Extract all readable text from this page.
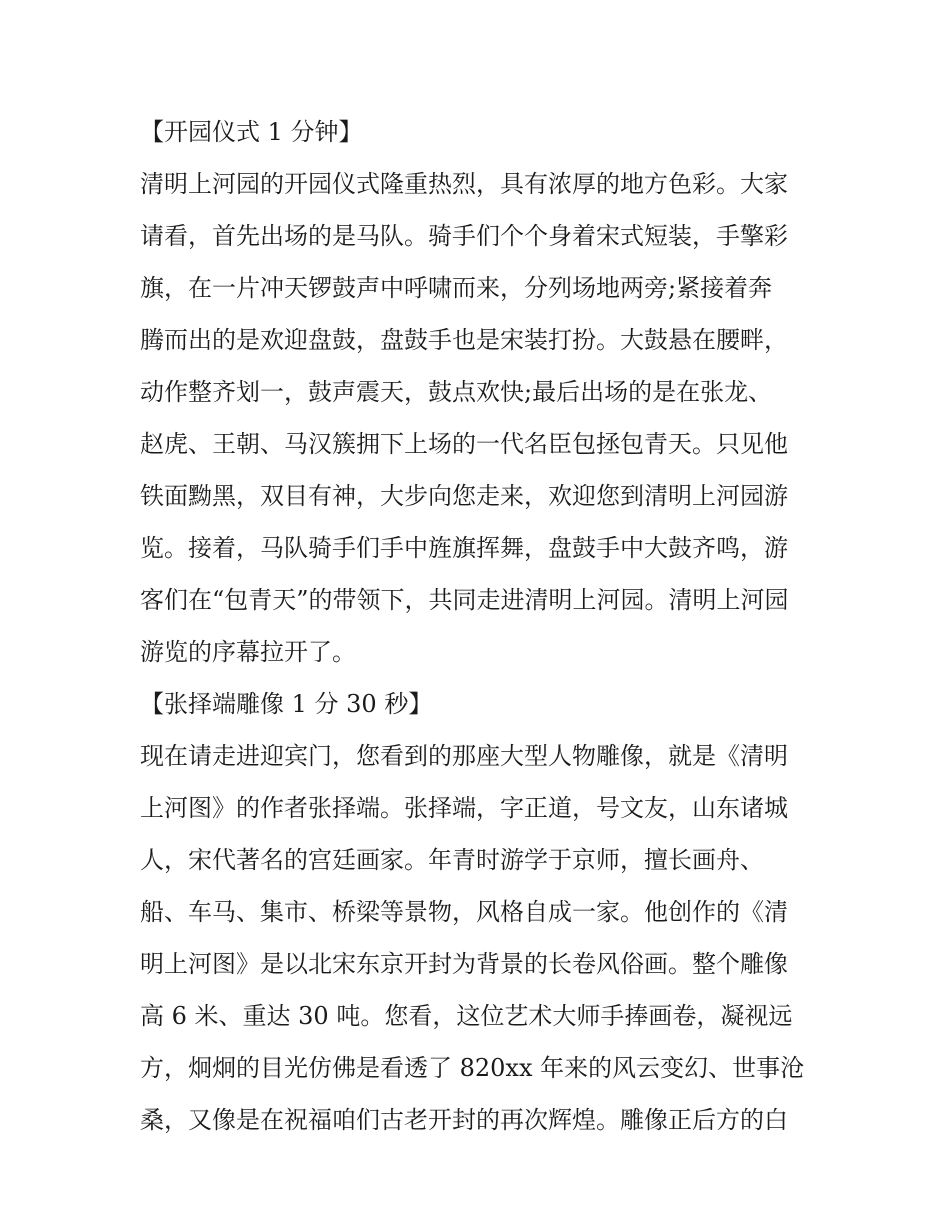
【开园仪式 1 分钟】
清明上河园的开园仪式隆重热烈，具有浓厚的地方色彩。大家
请看，首先出场的是马队。骑手们个个身着宋式短装，手擎彩
旗，在一片冲天锣鼓声中呼啸而来，分列场地两旁;紧接着奔
腾而出的是欢迎盘鼓，盘鼓手也是宋装打扮。大鼓悬在腰畔，
动作整齐划一，鼓声震天，鼓点欢快;最后出场的是在张龙、
赵虎、王朝、马汉簇拥下上场的一代名臣包拯包青天。只见他
铁面黝黑，双目有神，大步向您走来，欢迎您到清明上河园游
览。接着，马队骑手们手中旌旗挥舞，盘鼓手中大鼓齐鸣，游
客们在“包青天”的带领下，共同走进清明上河园。清明上河园
游览的序幕拉开了。
【张择端雕像 1 分 30 秒】
现在请走进迎宾门，您看到的那座大型人物雕像，就是《清明
上河图》的作者张择端。张择端，字正道，号文友，山东诸城
人，宋代著名的宫廷画家。年青时游学于京师，擅长画舟、
船、车马、集市、桥梁等景物，风格自成一家。他创作的《清
明上河图》是以北宋东京开封为背景的长卷风俗画。整个雕像
高 6 米、重达 30 吨。您看，这位艺术大师手捧画卷，凝视远
方，炯炯的目光仿佛是看透了 820xx 年来的风云变幻、世事沧
桑，又像是在祝福咱们古老开封的再次辉煌。雕像正后方的白
